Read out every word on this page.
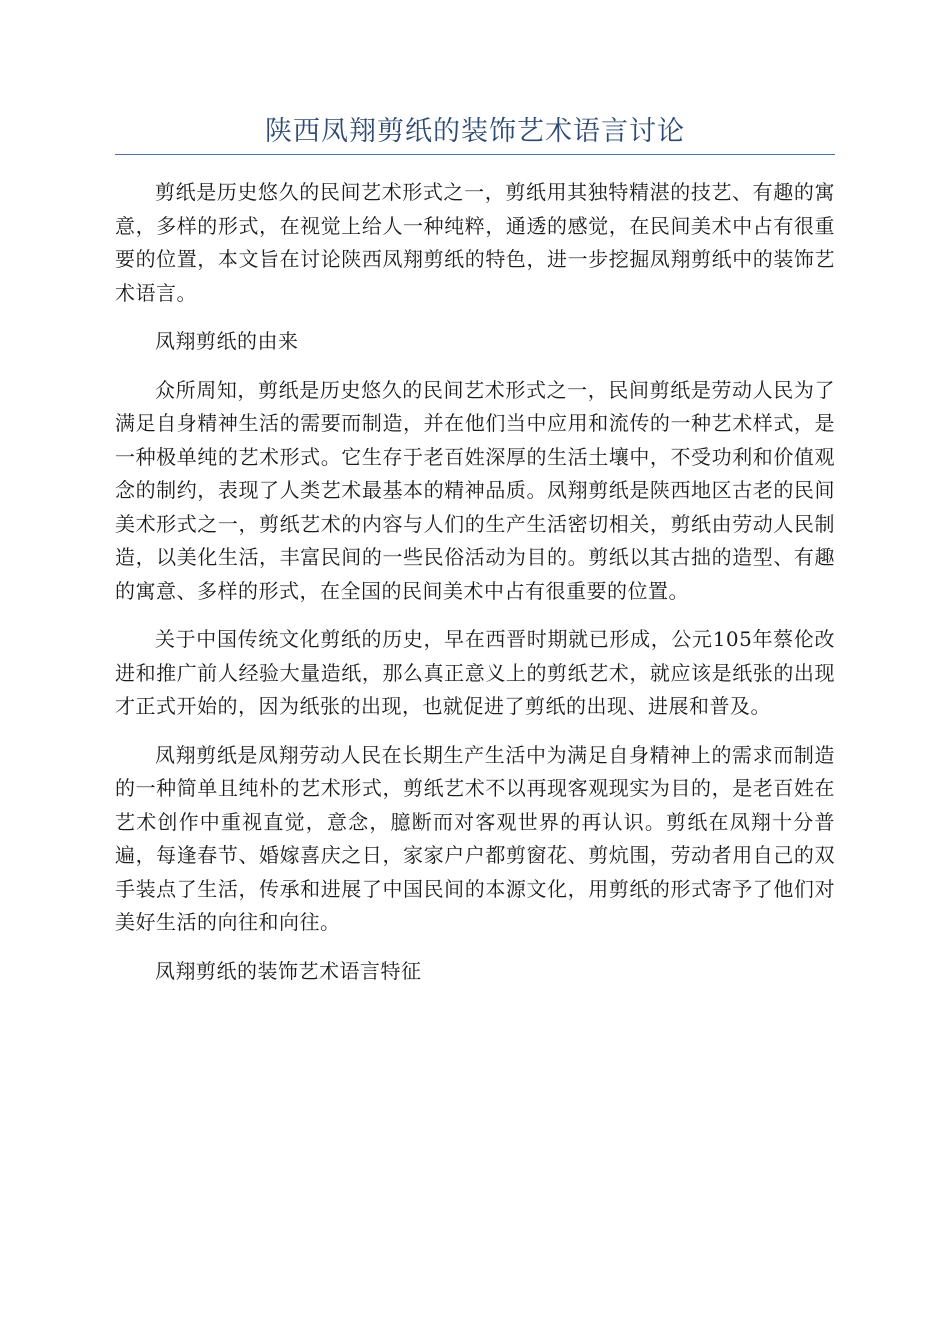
陕西凤翔剪纸的装饰艺术语言讨论

剪纸是历史悠久的民间艺术形式之一，剪纸用其独特精湛的技艺、有趣的寓意，多样的形式，在视觉上给人一种纯粹，通透的感觉，在民间美术中占有很重要的位置，本文旨在讨论陕西凤翔剪纸的特色，进一步挖掘凤翔剪纸中的装饰艺术语言。

凤翔剪纸的由来

众所周知，剪纸是历史悠久的民间艺术形式之一，民间剪纸是劳动人民为了满足自身精神生活的需要而制造，并在他们当中应用和流传的一种艺术样式，是一种极单纯的艺术形式。它生存于老百姓深厚的生活土壤中，不受功利和价值观念的制约，表现了人类艺术最基本的精神品质。凤翔剪纸是陕西地区古老的民间美术形式之一，剪纸艺术的内容与人们的生产生活密切相关，剪纸由劳动人民制造，以美化生活，丰富民间的一些民俗活动为目的。剪纸以其古拙的造型、有趣的寓意、多样的形式，在全国的民间美术中占有很重要的位置。

关于中国传统文化剪纸的历史，早在西晋时期就已形成，公元105年蔡伦改进和推广前人经验大量造纸，那么真正意义上的剪纸艺术，就应该是纸张的出现才正式开始的，因为纸张的出现，也就促进了剪纸的出现、进展和普及。

凤翔剪纸是凤翔劳动人民在长期生产生活中为满足自身精神上的需求而制造的一种简单且纯朴的艺术形式，剪纸艺术不以再现客观现实为目的，是老百姓在艺术创作中重视直觉，意念，臆断而对客观世界的再认识。剪纸在凤翔十分普遍，每逢春节、婚嫁喜庆之日，家家户户都剪窗花、剪炕围，劳动者用自己的双手装点了生活，传承和进展了中国民间的本源文化，用剪纸的形式寄予了他们对美好生活的向往和向往。

凤翔剪纸的装饰艺术语言特征
